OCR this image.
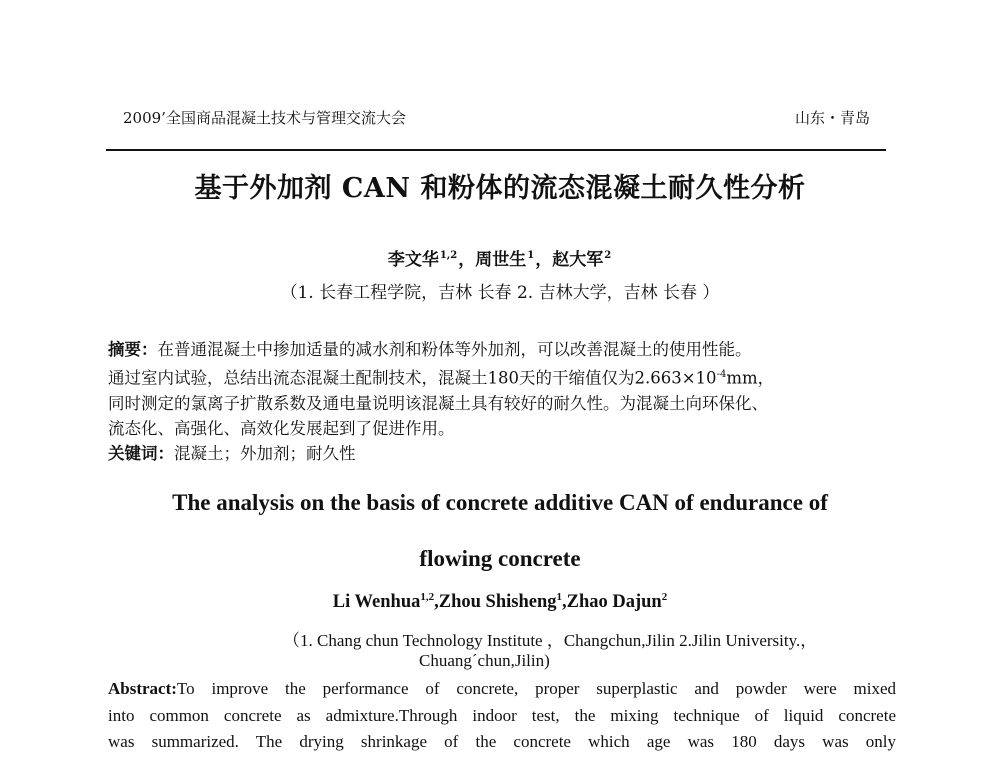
2009’全国商品混凝土技术与管理交流大会	山东・青岛
基于外加剂 CAN 和粉体的流态混凝土耐久性分析
李文华$^{1,2}$，周世生$^1$，赵大军$^2$
（1. 长春工程学院，吉林 长春 2. 吉林大学，吉林 长春 ）

摘要：在普通混凝土中掺加适量的减水剂和粉体等外加剂，可以改善混凝土的使用性能。

通过室内试验，总结出流态混凝土配制技术，混凝土180天的干缩值仅为$2.663\times 10^{-4}mm$，

同时测定的氯离子扩散系数及通电量说明该混凝土具有较好的耐久性。为混凝土向环保化、

流态化、高强化、高效化发展起到了促进作用。

关键词：混凝土；外加剂；耐久性

The analysis on the basis of concrete additive CAN of endurance of
flowing concrete
Li Wenhua$^{1,2}$,Zhou Shisheng$^1$,Zhao Dajun$^2$
（1. Chang chun Technology Institute ，Changchun,Jilin 2.Jilin University.，
Chuang´chun,Jilin)

Abstract:To improve the performance of concrete, proper superplastic and powder were mixed

into common concrete as admixture.Through indoor test, the mixing technique of liquid concrete

was summarized. The drying shrinkage of the concrete which age was 180 days was only
